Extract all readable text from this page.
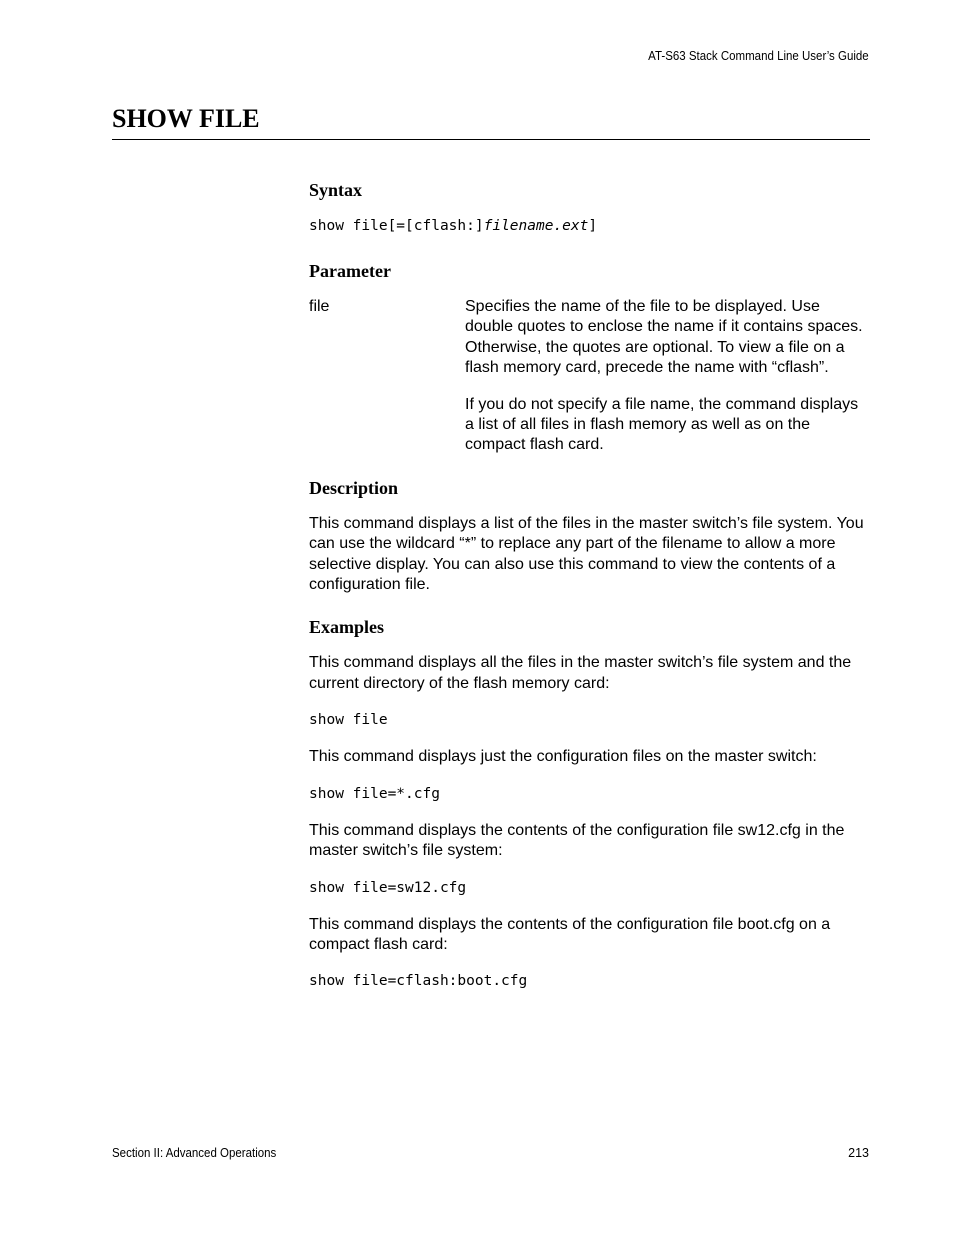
AT-S63 Stack Command Line User’s Guide
SHOW FILE
Syntax

show file[=[cflash:]filename.ext]

Parameter
file	Specifies the name of the file to be displayed. Use double quotes to enclose the name if it contains spaces. Otherwise, the quotes are optional. To view a file on a flash memory card, precede the name with “cflash”.

If you do not specify a file name, the command displays a list of all files in flash memory as well as on the compact flash card.

Description

This command displays a list of the files in the master switch’s file system. You can use the wildcard “*” to replace any part of the filename to allow a more selective display. You can also use this command to view the contents of a configuration file.

Examples

This command displays all the files in the master switch’s file system and the current directory of the flash memory card:

show file

This command displays just the configuration files on the master switch:

show file=*.cfg

This command displays the contents of the configuration file sw12.cfg in the master switch’s file system:

show file=sw12.cfg

This command displays the contents of the configuration file boot.cfg on a compact flash card:

show file=cflash:boot.cfg

Section II: Advanced Operations	213
